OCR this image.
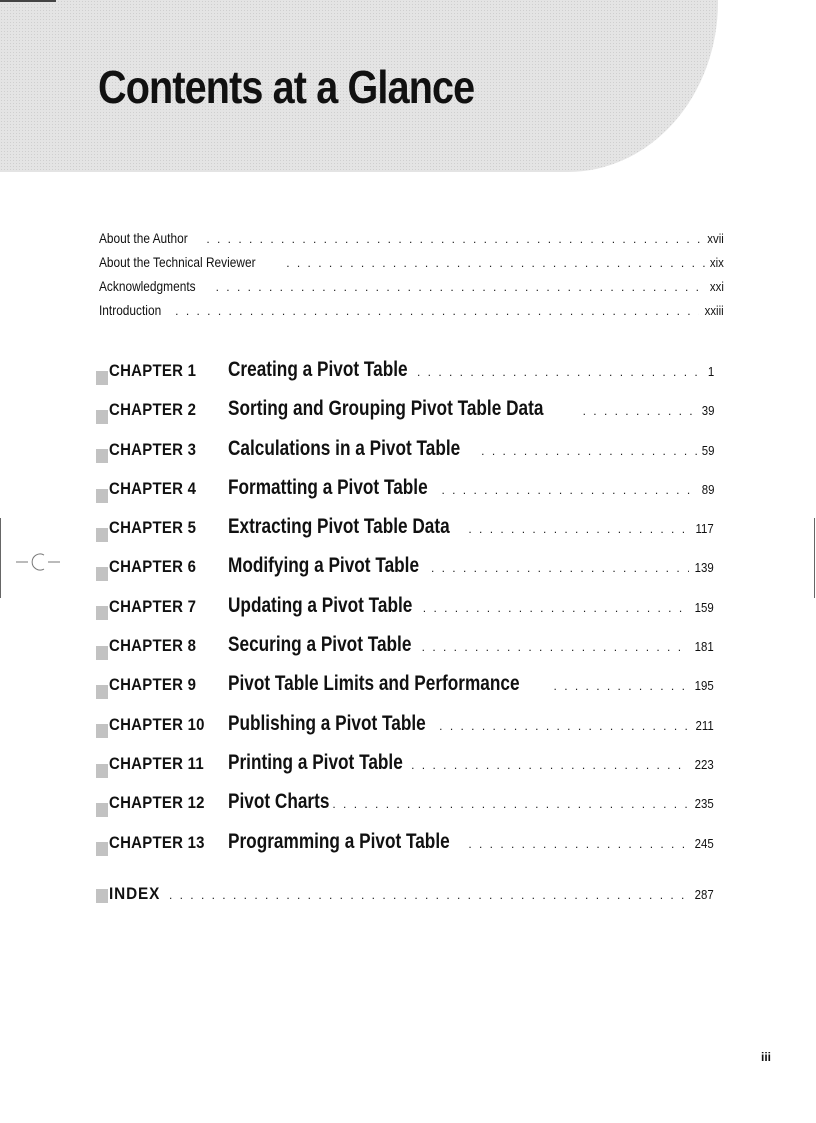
Contents at a Glance
About the Author . . .	xvii
About the Technical Reviewer . . .	xix
Acknowledgments . . .	xxi
Introduction . . .	xxiii
CHAPTER 1	Creating a Pivot Table . . .	1
CHAPTER 2	Sorting and Grouping Pivot Table Data . . .	39
CHAPTER 3	Calculations in a Pivot Table . . .	59
CHAPTER 4	Formatting a Pivot Table . . .	89
CHAPTER 5	Extracting Pivot Table Data . . .	117
CHAPTER 6	Modifying a Pivot Table . . .	139
CHAPTER 7	Updating a Pivot Table . . .	159
CHAPTER 8	Securing a Pivot Table . . .	181
CHAPTER 9	Pivot Table Limits and Performance . . .	195
CHAPTER 10	Publishing a Pivot Table . . .	211
CHAPTER 11	Printing a Pivot Table . . .	223
CHAPTER 12	Pivot Charts . . .	235
CHAPTER 13	Programming a Pivot Table . . .	245
INDEX . . .	287
iii
